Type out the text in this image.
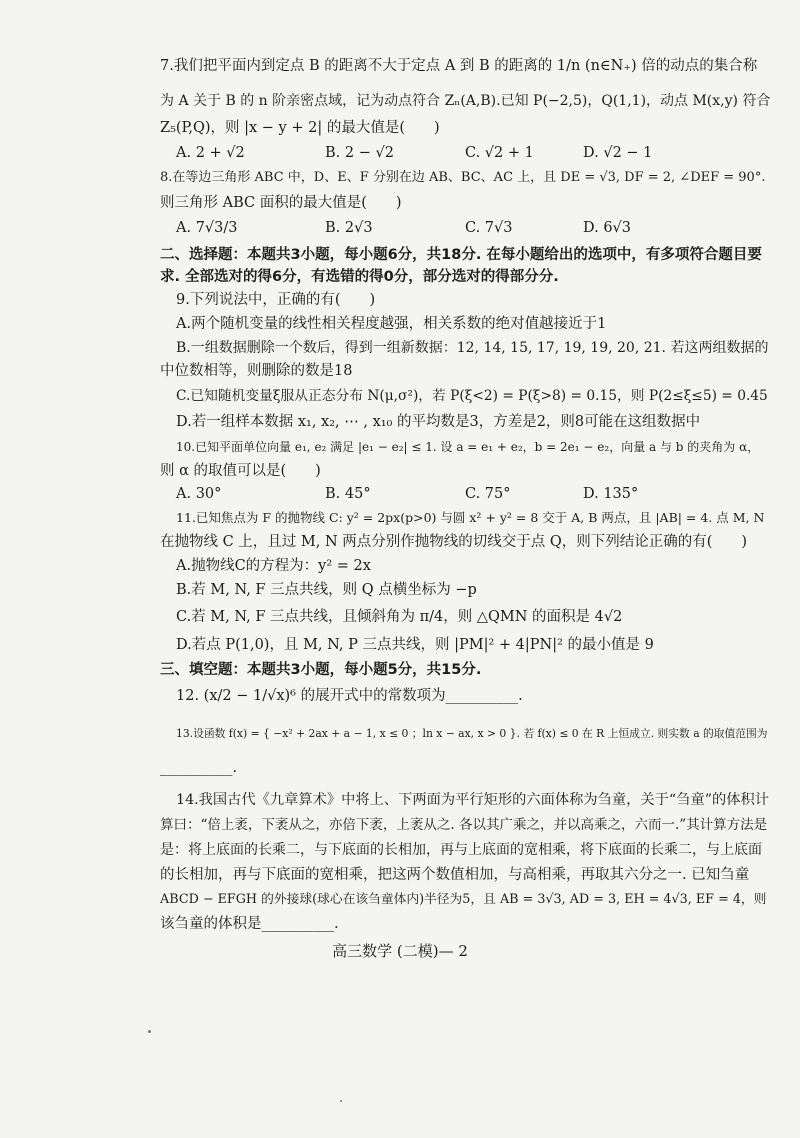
7.我们把平面内到定点 B 的距离不大于定点 A 到 B 的距离的 1/n (n∈N₊) 倍的动点的集合称
为 A 关于 B 的 n 阶亲密点域，记为动点符合 Zₙ(A,B).已知 P(−2,5)，Q(1,1)，动点 M(x,y) 符合
Z₅(P,Q)，则 |x − y + 2| 的最大值是(　　)
A. 2 + √2	B. 2 − √2	C. √2 + 1	D. √2 − 1
8.在等边三角形 ABC 中，D、E、F 分别在边 AB、BC、AC 上，且 DE = √3, DF = 2, ∠DEF = 90°.
则三角形 ABC 面积的最大值是(　　)
A. 7√3/3	B. 2√3	C. 7√3	D. 6√3
二、选择题：本题共3小题，每小题6分，共18分. 在每小题给出的选项中，有多项符合题目要
求. 全部选对的得6分，有选错的得0分，部分选对的得部分分.
9.下列说法中，正确的有(　　)
A.两个随机变量的线性相关程度越强，相关系数的绝对值越接近于1
B.一组数据删除一个数后，得到一组新数据：12, 14, 15, 17, 19, 19, 20, 21. 若这两组数据的
中位数相等，则删除的数是18
C.已知随机变量ξ服从正态分布 N(μ,σ²)，若 P(ξ<2) = P(ξ>8) = 0.15，则 P(2≤ξ≤5) = 0.45
D.若一组样本数据 x₁, x₂, ⋯ , x₁₀ 的平均数是3，方差是2，则8可能在这组数据中
10.已知平面单位向量 e₁, e₂ 满足 |e₁ − e₂| ≤ 1. 设 a = e₁ + e₂，b = 2e₁ − e₂，向量 a 与 b 的夹角为 α，
则 α 的取值可以是(　　)
A. 30°	B. 45°	C. 75°	D. 135°
11.已知焦点为 F 的抛物线 C: y² = 2px(p>0) 与圆 x² + y² = 8 交于 A, B 两点，且 |AB| = 4. 点 M, N
在抛物线 C 上，且过 M, N 两点分别作抛物线的切线交于点 Q，则下列结论正确的有(　　)
A.抛物线C的方程为：y² = 2x
B.若 M, N, F 三点共线，则 Q 点横坐标为 −p
C.若 M, N, F 三点共线，且倾斜角为 π/4，则 △QMN 的面积是 4√2
D.若点 P(1,0)，且 M, N, P 三点共线，则 |PM|² + 4|PN|² 的最小值是 9
三、填空题：本题共3小题，每小题5分，共15分.
12. (x/2 − 1/√x)⁶ 的展开式中的常数项为__________.
13.设函数 f(x) = { −x² + 2ax + a − 1, x ≤ 0 ；ln x − ax, x > 0 }. 若 f(x) ≤ 0 在 R 上恒成立. 则实数 a 的取值范围为
__________.
14.我国古代《九章算术》中将上、下两面为平行矩形的六面体称为刍童，关于“刍童”的体积计
算曰：“倍上袤，下袤从之，亦倍下袤，上袤从之. 各以其广乘之，并以高乘之，六而一.”其计算方法是
是：将上底面的长乘二，与下底面的长相加，再与上底面的宽相乘，将下底面的长乘二，与上底面
的长相加，再与下底面的宽相乘，把这两个数值相加，与高相乘，再取其六分之一. 已知刍童
ABCD − EFGH 的外接球(球心在该刍童体内)半径为5，且 AB = 3√3, AD = 3, EH = 4√3, EF = 4，则
该刍童的体积是__________.
高三数学 (二模)— 2
